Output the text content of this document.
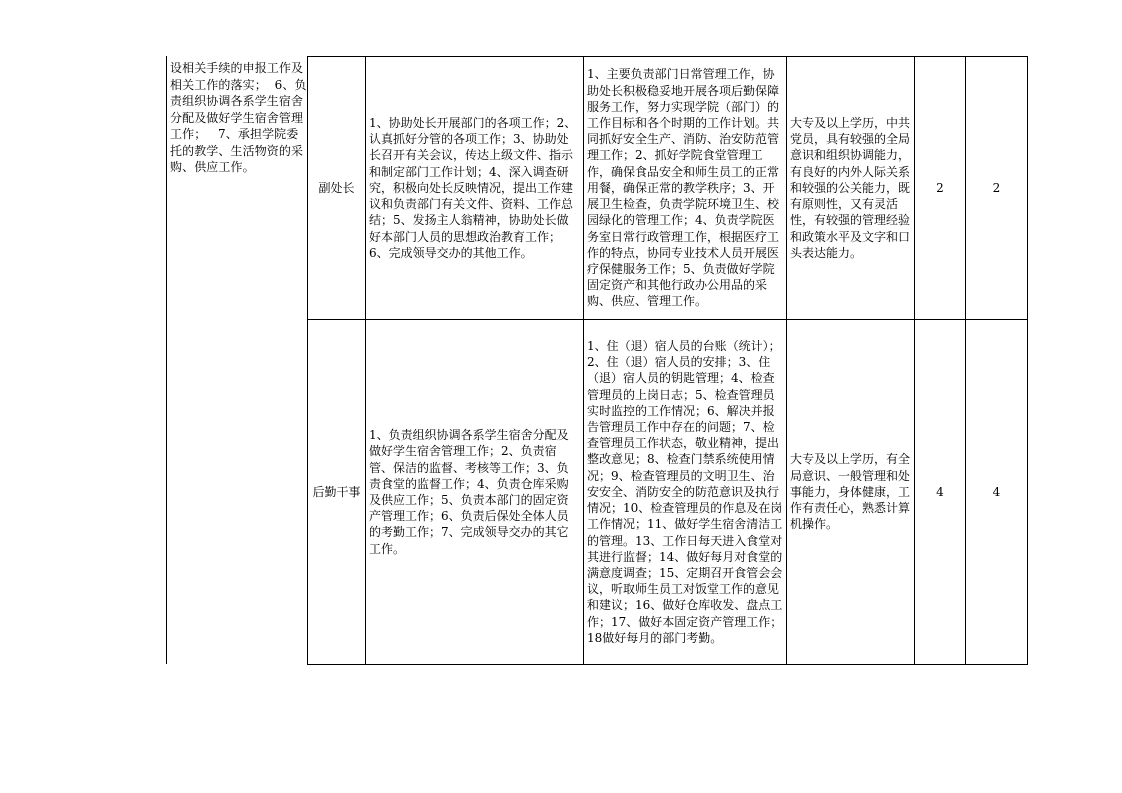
设相关手续的申报工作及相关工作的落实；  6、负责组织协调各系学生宿舍分配及做好学生宿舍管理工作；   7、承担学院委托的教学、生活物资的采购、供应工作。
副处长	1、协助处长开展部门的各项工作；2、认真抓好分管的各项工作；3、协助处长召开有关会议，传达上级文件、指示和制定部门工作计划；4、深入调查研究，积极向处长反映情况，提出工作建议和负责部门有关文件、资料、工作总结；5、发扬主人翁精神，协助处长做好本部门人员的思想政治教育工作；6、完成领导交办的其他工作。	1、主要负责部门日常管理工作，协助处长积极稳妥地开展各项后勤保障服务工作，努力实现学院（部门）的工作目标和各个时期的工作计划。共同抓好安全生产、消防、治安防范管理工作；2、抓好学院食堂管理工作，确保食品安全和师生员工的正常用餐，确保正常的教学秩序；3、开展卫生检查，负责学院环境卫生、校园绿化的管理工作；4、负责学院医务室日常行政管理工作，根据医疗工作的特点，协同专业技术人员开展医疗保健服务工作；5、负责做好学院固定资产和其他行政办公用品的采购、供应、管理工作。	大专及以上学历，中共党员，具有较强的全局意识和组织协调能力，有良好的内外人际关系和较强的公关能力，既有原则性，又有灵活性，有较强的管理经验和政策水平及文字和口头表达能力。	2	2
后勤干事	1、负责组织协调各系学生宿舍分配及做好学生宿舍管理工作；2、负责宿管、保洁的监督、考核等工作；3、负责食堂的监督工作；4、负责仓库采购及供应工作；5、负责本部门的固定资产管理工作；6、负责后保处全体人员的考勤工作；7、完成领导交办的其它工作。	1、住（退）宿人员的台账（统计）；2、住（退）宿人员的安排；3、住（退）宿人员的钥匙管理；4、检查管理员的上岗日志；5、检查管理员实时监控的工作情况；6、解决并报告管理员工作中存在的问题；7、检查管理员工作状态，敬业精神，提出整改意见；8、检查门禁系统使用情况；9、检查管理员的文明卫生、治安安全、消防安全的防范意识及执行情况；10、检查管理员的作息及在岗工作情况；11、做好学生宿舍清洁工的管理。13、工作日每天进入食堂对其进行监督；14、做好每月对食堂的满意度调查；15、定期召开食管会会议，听取师生员工对饭堂工作的意见和建议；16、做好仓库收发、盘点工作；17、做好本固定资产管理工作；18做好每月的部门考勤。	大专及以上学历，有全局意识、一般管理和处事能力，身体健康，工作有责任心，熟悉计算机操作。	4	4
